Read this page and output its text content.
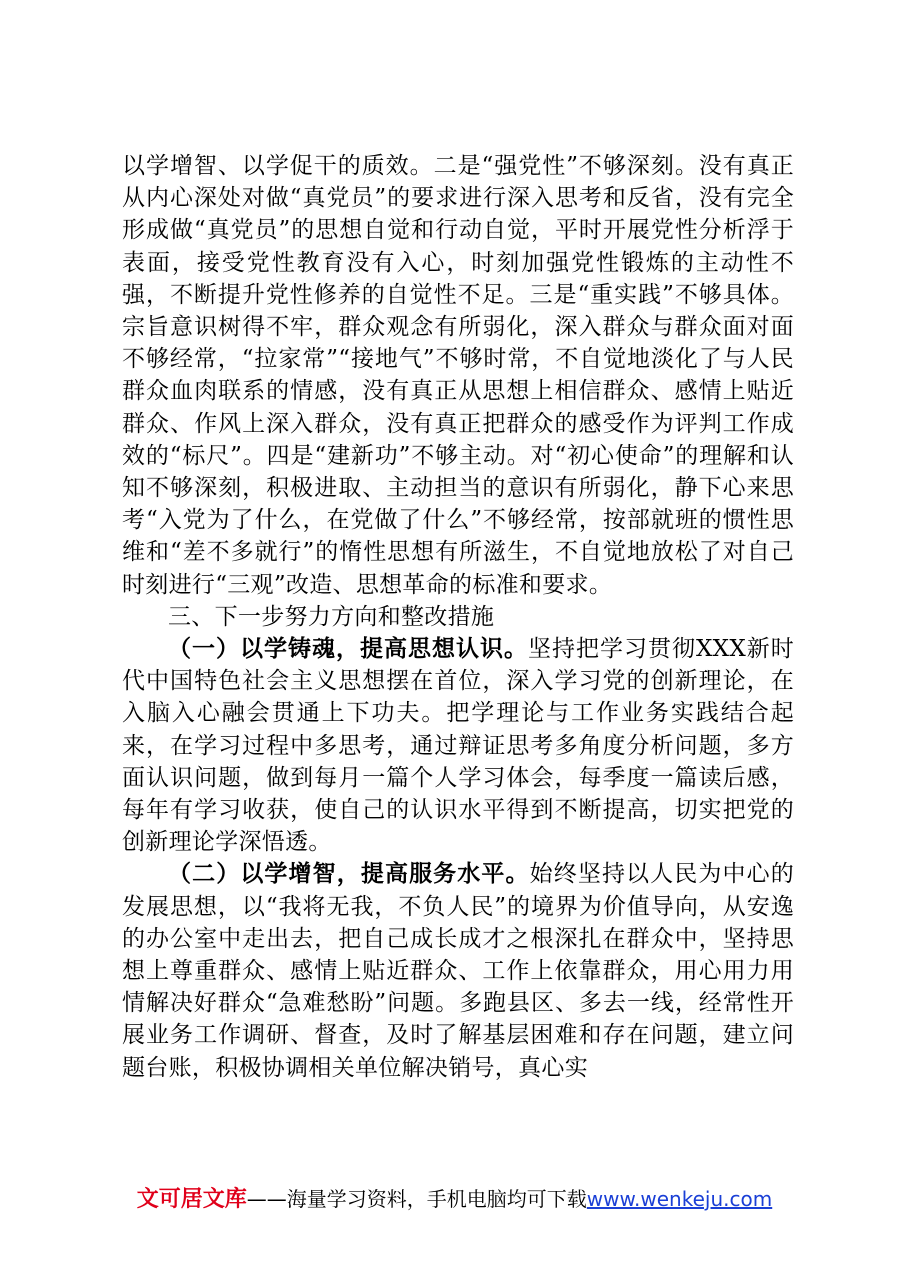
以学增智、以学促干的质效。二是“强党性”不够深刻。没有真正从内心深处对做“真党员”的要求进行深入思考和反省，没有完全形成做“真党员”的思想自觉和行动自觉，平时开展党性分析浮于表面，接受党性教育没有入心，时刻加强党性锻炼的主动性不强，不断提升党性修养的自觉性不足。三是“重实践”不够具体。宗旨意识树得不牢，群众观念有所弱化，深入群众与群众面对面不够经常，“拉家常”“接地气”不够时常，不自觉地淡化了与人民群众血肉联系的情感，没有真正从思想上相信群众、感情上贴近群众、作风上深入群众，没有真正把群众的感受作为评判工作成效的“标尺”。四是“建新功”不够主动。对“初心使命”的理解和认知不够深刻，积极进取、主动担当的意识有所弱化，静下心来思考“入党为了什么，在党做了什么”不够经常，按部就班的惯性思维和“差不多就行”的惰性思想有所滋生，不自觉地放松了对自己时刻进行“三观”改造、思想革命的标准和要求。

三、下一步努力方向和整改措施

（一）以学铸魂，提高思想认识。坚持把学习贯彻XXX新时代中国特色社会主义思想摆在首位，深入学习党的创新理论，在入脑入心融会贯通上下功夫。把学理论与工作业务实践结合起来，在学习过程中多思考，通过辩证思考多角度分析问题，多方面认识问题，做到每月一篇个人学习体会，每季度一篇读后感，每年有学习收获，使自己的认识水平得到不断提高，切实把党的创新理论学深悟透。

（二）以学增智，提高服务水平。始终坚持以人民为中心的发展思想，以“我将无我，不负人民”的境界为价值导向，从安逸的办公室中走出去，把自己成长成才之根深扎在群众中，坚持思想上尊重群众、感情上贴近群众、工作上依靠群众，用心用力用情解决好群众“急难愁盼”问题。多跑县区、多去一线，经常性开展业务工作调研、督查，及时了解基层困难和存在问题，建立问题台账，积极协调相关单位解决销号，真心实

文可居文库——海量学习资料，手机电脑均可下载www.wenkeju.com
